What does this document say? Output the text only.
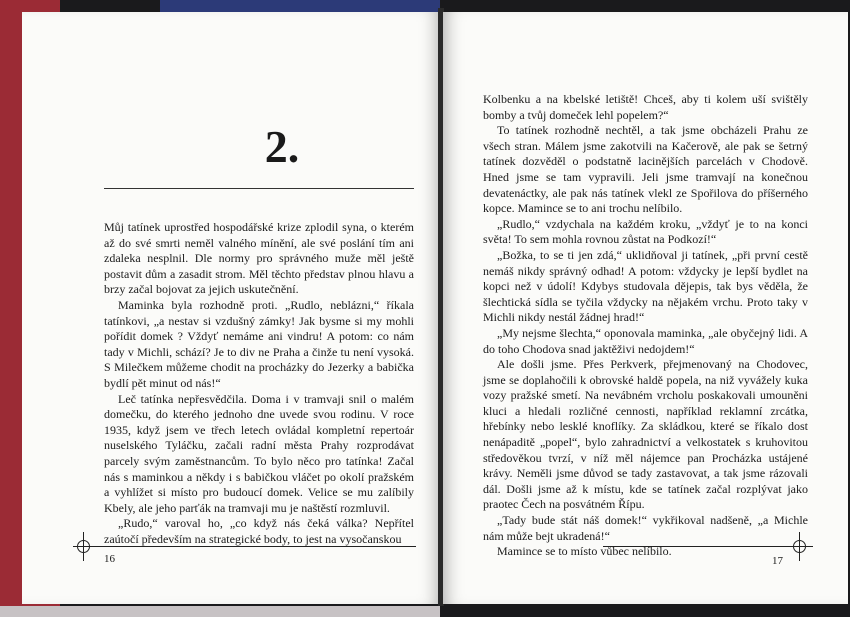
2.

Můj tatínek uprostřed hospodářské krize zplodil syna, o kterém až do své smrti neměl valného mínění, ale své poslání tím ani zdaleka nesplnil. Dle normy pro správného muže měl ještě postavit dům a zasadit strom. Měl těchto představ plnou hlavu a brzy začal bojovat za jejich uskutečnění.

Maminka byla rozhodně proti. „Rudlo, neblázni,“ říkala tatínkovi, „a nestav si vzdušný zámky! Jak bysme si my mohli pořídit domek ? Vždyť nemáme ani vindru! A potom: co nám tady v Michli, schází? Je to div ne Praha a činže tu není vysoká. S Milečkem můžeme chodit na procházky do Jezerky a babička bydlí pět minut od nás!“

Leč tatínka nepřesvědčila. Doma i v tramvaji snil o malém domečku, do kterého jednoho dne uvede svou rodinu. V roce 1935, když jsem ve třech letech ovládal kompletní repertoár nuselského Tyláčku, začali radní města Prahy rozprodávat parcely svým zaměstnancům. To bylo něco pro tatínka! Začal nás s maminkou a někdy i s babičkou vláčet po okolí pražském a vyhlížet si místo pro budoucí domek. Velice se mu zalíbily Kbely, ale jeho parťák na tramvaji mu je naštěstí rozmluvil.

„Rudo,“ varoval ho, „co když nás čeká válka? Nepřítel zaútočí především na strategické body, to jest na vysočanskou

16

Kolbenku a na kbelské letiště! Chceš, aby ti kolem uší svištěly bomby a tvůj domeček lehl popelem?“

To tatínek rozhodně nechtěl, a tak jsme obcházeli Prahu ze všech stran. Málem jsme zakotvili na Kačerově, ale pak se šetrný tatínek dozvěděl o podstatně lacinějších parcelách v Chodově. Hned jsme se tam vypravili. Jeli jsme tramvají na konečnou devatenáctky, ale pak nás tatínek vlekl ze Spořilova do příšerného kopce. Mamince se to ani trochu nelíbilo.

„Rudlo,“ vzdychala na každém kroku, „vždyť je to na konci světa! To sem mohla rovnou zůstat na Podkozí!“

„Božka, to se ti jen zdá,“ uklidňoval ji tatínek, „při první cestě nemáš nikdy správný odhad! A potom: vždycky je lepší bydlet na kopci než v údolí! Kdybys studovala dějepis, tak bys věděla, že šlechtická sídla se tyčila vždycky na nějakém vrchu. Proto taky v Michli nikdy nestál žádnej hrad!“

„My nejsme šlechta,“ oponovala maminka, „ale obyčejný lidi. A do toho Chodova snad jaktěživi nedojdem!“

Ale došli jsme. Přes Perkverk, přejmenovaný na Chodovec, jsme se doplahočili k obrovské haldě popela, na niž vyvážely kuka vozy pražské smetí. Na nevábném vrcholu poskakovali umouněni kluci a hledali rozličné cennosti, například reklamní zrcátka, hřebínky nebo lesklé knoflíky. Za skládkou, které se říkalo dost nenápaditě „popel“, bylo zahradnictví a velkostatek s kruhovitou středověkou tvrzí, v níž měl nájemce pan Procházka ustájené krávy. Neměli jsme důvod se tady zastavovat, a tak jsme rázovali dál. Došli jsme až k místu, kde se tatínek začal rozplývat jako praotec Čech na posvátném Řípu.

„Tady bude stát náš domek!“ vykřikoval nadšeně, „a Michle nám může bejt ukradená!“

Mamince se to místo vůbec nelíbilo.

17
